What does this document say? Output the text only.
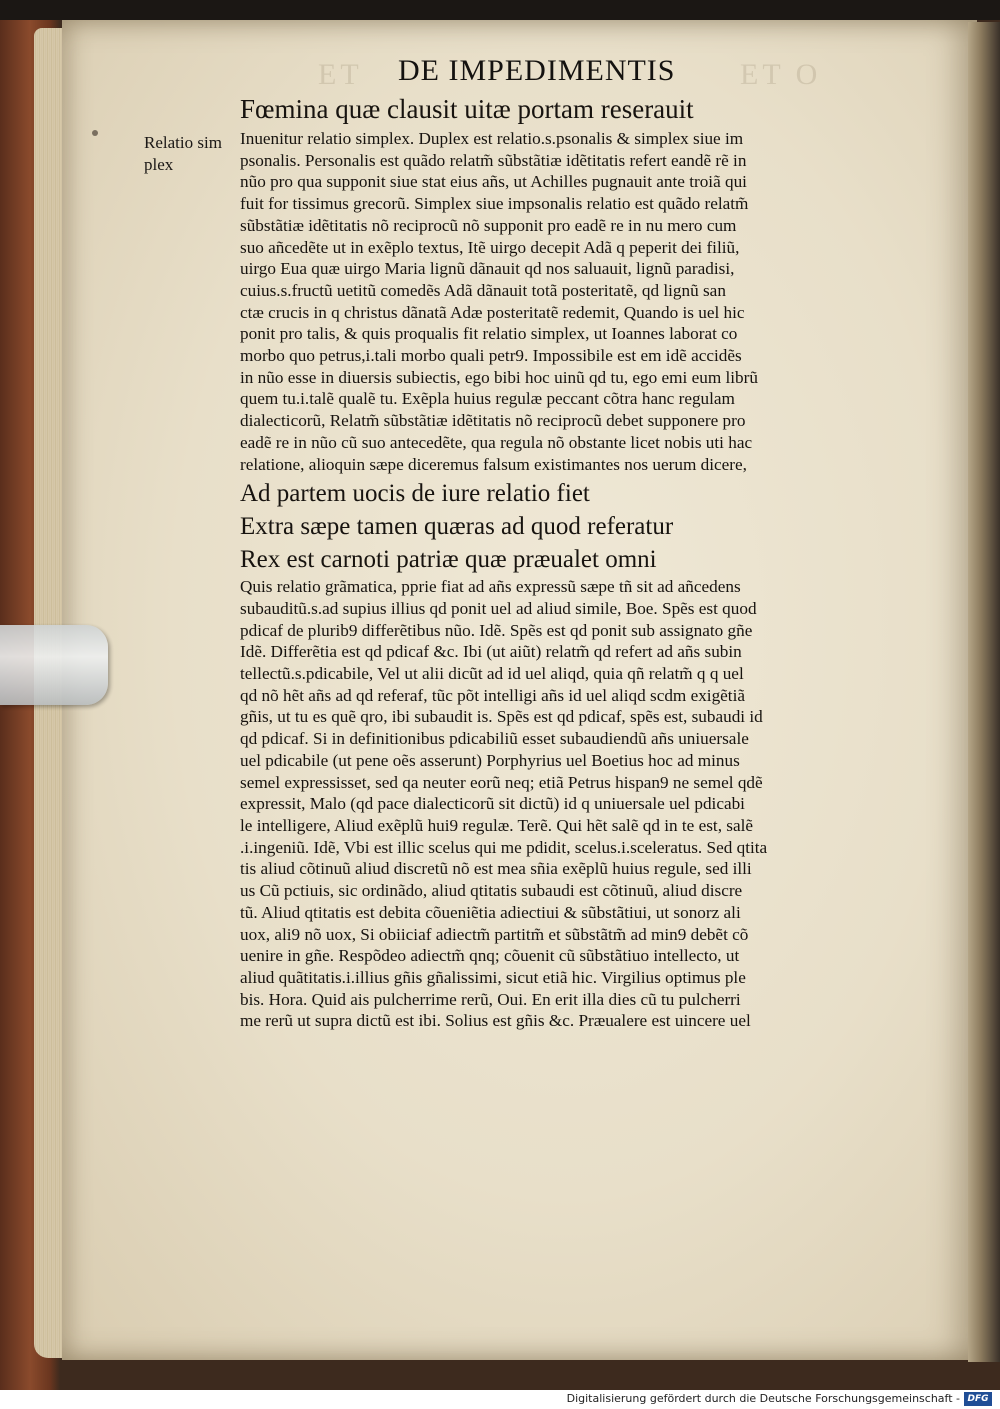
ET	ET O
DE IMPEDIMENTIS
Relatio sim
plex
Fœmina quæ clausit uitæ portam reserauit
Inuenitur relatio simplex. Duplex est relatio.s.psonalis & simplex siue im
psonalis. Personalis est quãdo relatm̃ sũbstãtiæ idẽtitatis refert eandẽ rẽ in
nũo pro qua supponit siue stat eius añs, ut Achilles pugnauit ante troiã qui
fuit for tissimus grecorũ. Simplex siue impsonalis relatio est quãdo relatm̃
sũbstãtiæ idẽtitatis nõ reciprocũ nõ supponit pro eadẽ re in nu mero cum
suo añcedẽte ut in exẽplo textus, Itẽ uirgo decepit Adã q peperit dei filiũ,
uirgo Eua quæ uirgo Maria lignũ dãnauit qd nos saluauit, lignũ paradisi,
cuius.s.fructũ uetitũ comedẽs Adã dãnauit totã posteritatẽ, qd lignũ san
ctæ crucis in q christus dãnatã Adæ posteritatẽ redemit, Quando is uel hic
ponit pro talis, & quis proqualis fit relatio simplex, ut Ioannes laborat co
morbo quo petrus,i.tali morbo quali petr9. Impossibile est em idẽ accidẽs
in nũo esse in diuersis subiectis, ego bibi hoc uinũ qd tu, ego emi eum librũ
quem tu.i.talẽ qualẽ tu. Exẽpla huius regulæ peccant cõtra hanc regulam
dialecticorũ, Relatm̃ sũbstãtiæ idẽtitatis nõ reciprocũ debet supponere pro
eadẽ re in nũo cũ suo antecedẽte, qua regula nõ obstante licet nobis uti hac
relatione, alioquin sæpe diceremus falsum existimantes nos uerum dicere,
Ad partem uocis de iure relatio fiet
Extra sæpe tamen quæras ad quod referatur
Rex est carnoti patriæ quæ præualet omni
Quis relatio grãmatica, pprie fiat ad añs expressũ sæpe tñ sit ad añcedens
subauditũ.s.ad supius illius qd ponit uel ad aliud simile, Boe. Spẽs est quod
pdicaf de plurib9 differẽtibus nũo. Idẽ. Spẽs est qd ponit sub assignato gñe
Idẽ. Differẽtia est qd pdicaf &c. Ibi (ut aiũt) relatm̃ qd refert ad añs subin
tellectũ.s.pdicabile, Vel ut alii dicũt ad id uel aliqd, quia qñ relatm̃ q q uel
qd nõ hẽt añs ad qd referaf, tũc põt intelligi añs id uel aliqd scdm exigẽtiã
gñis, ut tu es quẽ qro, ibi subaudit is. Spẽs est qd pdicaf, spẽs est, subaudi id
qd pdicaf. Si in definitionibus pdicabiliũ esset subaudiendũ añs uniuersale
uel pdicabile (ut pene oẽs asserunt) Porphyrius uel Boetius hoc ad minus
semel expressisset, sed qa neuter eorũ neq; etiã Petrus hispan9 ne semel qdẽ
expressit, Malo (qd pace dialecticorũ sit dictũ) id q uniuersale uel pdicabi
le intelligere, Aliud exẽplũ hui9 regulæ. Terẽ. Qui hẽt salẽ qd in te est, salẽ
.i.ingeniũ. Idẽ, Vbi est illic scelus qui me pdidit, scelus.i.sceleratus. Sed qtita
tis aliud cõtinuũ aliud discretũ nõ est mea sñia exẽplũ huius regule, sed illi
us Cũ pctiuis, sic ordinãdo, aliud qtitatis subaudi est cõtinuũ, aliud discre
tũ. Aliud qtitatis est debita cõueniẽtia adiectiui & sũbstãtiui, ut sonorz ali
uox, ali9 nõ uox, Si obiiciaf adiectm̃ partitm̃ et sũbstãtm̃ ad min9 debẽt cõ
uenire in gñe. Respõdeo adiectm̃ qnq; cõuenit cũ sũbstãtiuo intellecto, ut
aliud quãtitatis.i.illius gñis gñalissimi, sicut etiã hic. Virgilius optimus ple
bis. Hora. Quid ais pulcherrime rerũ, Oui. En erit illa dies cũ tu pulcherri
me rerũ ut supra dictũ est ibi. Solius est gñis &c. Præualere est uincere uel
Digitalisierung gefördert durch die Deutsche Forschungsgemeinschaft - DFG
